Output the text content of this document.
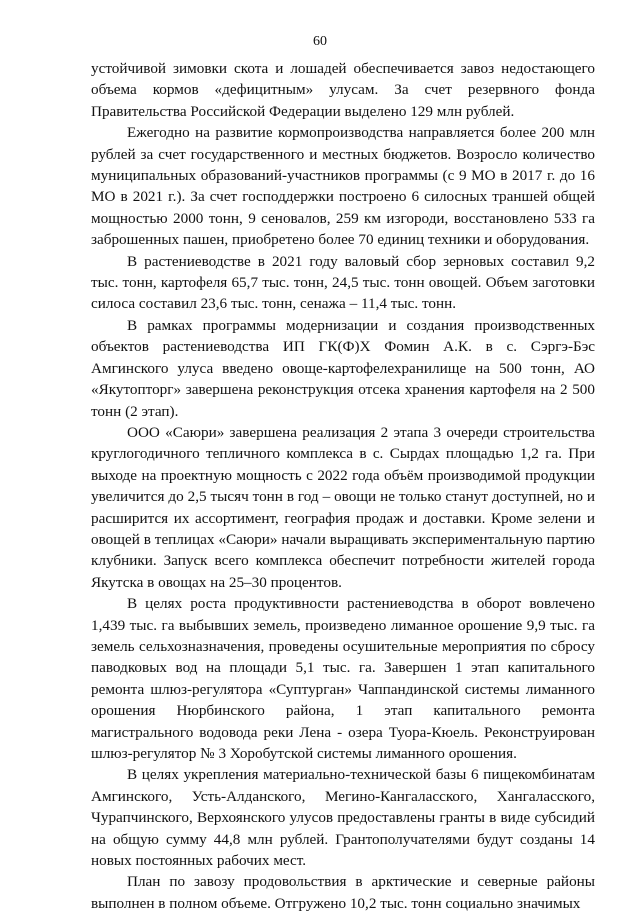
60

устойчивой зимовки скота и лошадей обеспечивается завоз недостающего объема кормов «дефицитным» улусам. За счет резервного фонда Правительства Российской Федерации выделено 129 млн рублей.

Ежегодно на развитие кормопроизводства направляется более 200 млн рублей за счет государственного и местных бюджетов. Возросло количество муниципальных образований-участников программы (с 9 МО в 2017 г. до 16 МО в 2021 г.). За счет господдержки построено 6 силосных траншей общей мощностью 2000 тонн, 9 сеновалов, 259 км изгороди, восстановлено 533 га заброшенных пашен, приобретено более 70 единиц техники и оборудования.

В растениеводстве в 2021 году валовый сбор зерновых составил 9,2 тыс. тонн, картофеля 65,7 тыс. тонн, 24,5 тыс. тонн овощей. Объем заготовки силоса составил 23,6 тыс. тонн, сенажа – 11,4 тыс. тонн.

В рамках программы модернизации и создания производственных объектов растениеводства ИП ГК(Ф)Х Фомин А.К. в с. Сэргэ-Бэс Амгинского улуса введено овоще-картофелехранилище на 500 тонн, АО «Якутопторг» завершена реконструкция отсека хранения картофеля на 2 500 тонн (2 этап).

ООО «Саюри» завершена реализация 2 этапа 3 очереди строительства круглогодичного тепличного комплекса в с. Сырдах площадью 1,2 га. При выходе на проектную мощность с 2022 года объём производимой продукции увеличится до 2,5 тысяч тонн в год – овощи не только станут доступней, но и расширится их ассортимент, география продаж и доставки. Кроме зелени и овощей в теплицах «Саюри» начали выращивать экспериментальную партию клубники. Запуск всего комплекса обеспечит потребности жителей города Якутска в овощах на 25–30 процентов.

В целях роста продуктивности растениеводства в оборот вовлечено 1,439 тыс. га выбывших земель, произведено лиманное орошение 9,9 тыс. га земель сельхозназначения, проведены осушительные мероприятия по сбросу паводковых вод на площади 5,1 тыс. га. Завершен 1 этап капитального ремонта шлюз-регулятора «Суптурган» Чаппандинской системы лиманного орошения Нюрбинского района, 1 этап капитального ремонта магистрального водовода реки Лена - озера Туора-Кюель. Реконструирован шлюз-регулятор № 3 Хоробутской системы лиманного орошения.

В целях укрепления материально-технической базы 6 пищекомбинатам Амгинского, Усть-Алданского, Мегино-Кангаласского, Хангаласского, Чурапчинского, Верхоянского улусов предоставлены гранты в виде субсидий на общую сумму 44,8 млн рублей. Грантополучателями будут созданы 14 новых постоянных рабочих мест.

План по завозу продовольствия в арктические и северные районы выполнен в полном объеме. Отгружено 10,2 тыс. тонн социально значимых
